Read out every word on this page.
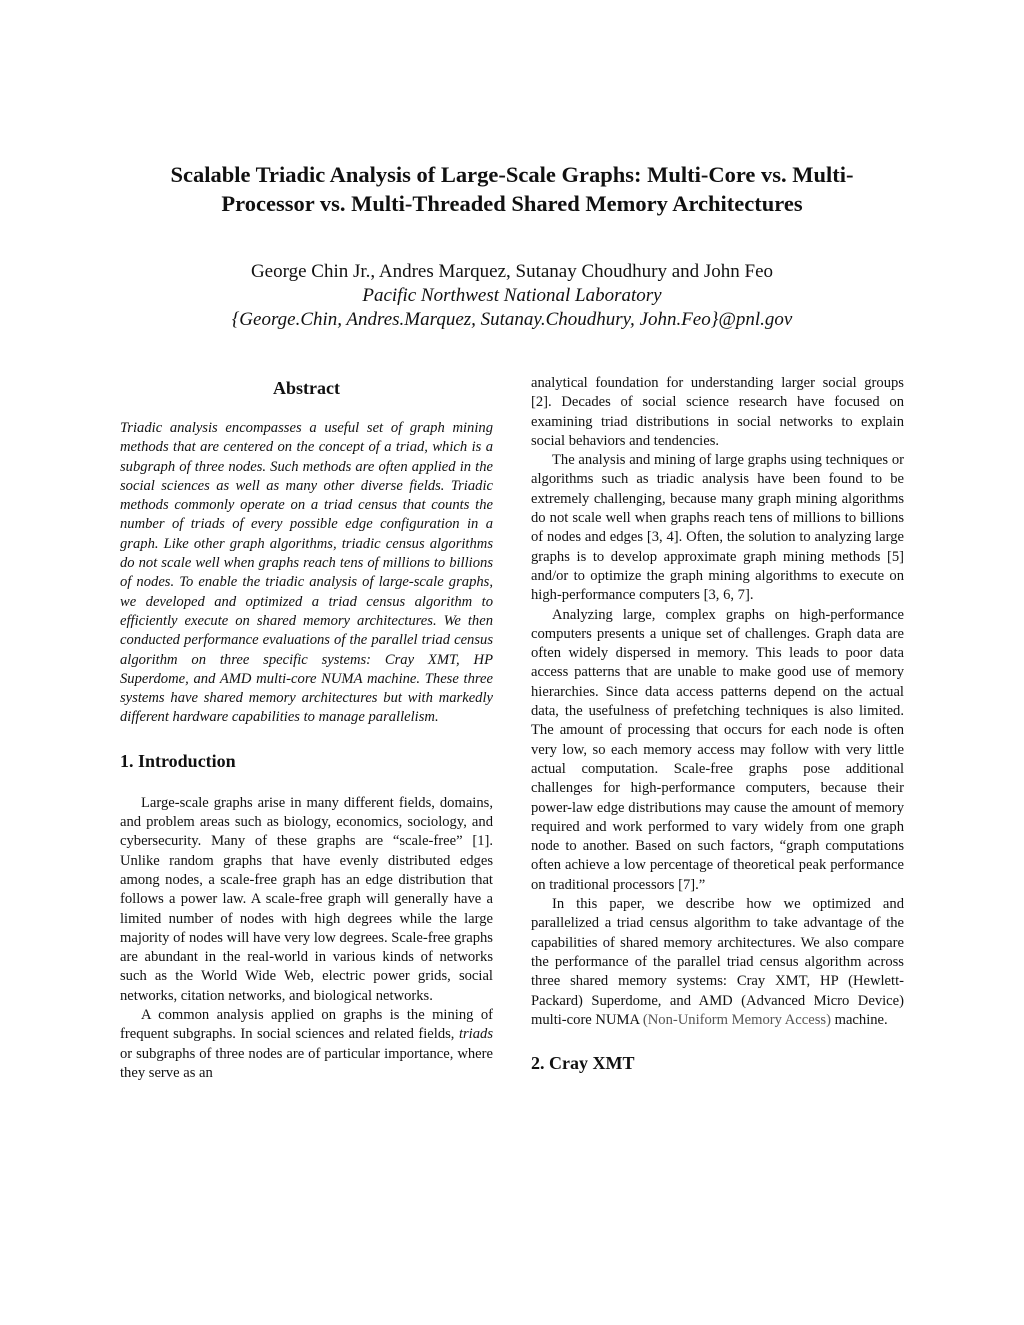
Scalable Triadic Analysis of Large-Scale Graphs: Multi-Core vs. Multi-
Processor vs. Multi-Threaded Shared Memory Architectures
George Chin Jr., Andres Marquez, Sutanay Choudhury and John Feo
Pacific Northwest National Laboratory
{George.Chin, Andres.Marquez, Sutanay.Choudhury, John.Feo}@pnl.gov
Abstract

Triadic analysis encompasses a useful set of graph mining methods that are centered on the concept of a triad, which is a subgraph of three nodes. Such methods are often applied in the social sciences as well as many other diverse fields. Triadic methods commonly operate on a triad census that counts the number of triads of every possible edge configuration in a graph. Like other graph algorithms, triadic census algorithms do not scale well when graphs reach tens of millions to billions of nodes. To enable the triadic analysis of large-scale graphs, we developed and optimized a triad census algorithm to efficiently execute on shared memory architectures. We then conducted performance evaluations of the parallel triad census algorithm on three specific systems: Cray XMT, HP Superdome, and AMD multi-core NUMA machine. These three systems have shared memory architectures but with markedly different hardware capabilities to manage parallelism.

1. Introduction

Large-scale graphs arise in many different fields, domains, and problem areas such as biology, economics, sociology, and cybersecurity. Many of these graphs are “scale-free” [1]. Unlike random graphs that have evenly distributed edges among nodes, a scale-free graph has an edge distribution that follows a power law. A scale-free graph will generally have a limited number of nodes with high degrees while the large majority of nodes will have very low degrees. Scale-free graphs are abundant in the real-world in various kinds of networks such as the World Wide Web, electric power grids, social networks, citation networks, and biological networks.

A common analysis applied on graphs is the mining of frequent subgraphs. In social sciences and related fields, triads or subgraphs of three nodes are of particular importance, where they serve as an

analytical foundation for understanding larger social groups [2]. Decades of social science research have focused on examining triad distributions in social networks to explain social behaviors and tendencies.

The analysis and mining of large graphs using techniques or algorithms such as triadic analysis have been found to be extremely challenging, because many graph mining algorithms do not scale well when graphs reach tens of millions to billions of nodes and edges [3, 4]. Often, the solution to analyzing large graphs is to develop approximate graph mining methods [5] and/or to optimize the graph mining algorithms to execute on high-performance computers [3, 6, 7].

Analyzing large, complex graphs on high-performance computers presents a unique set of challenges. Graph data are often widely dispersed in memory. This leads to poor data access patterns that are unable to make good use of memory hierarchies. Since data access patterns depend on the actual data, the usefulness of prefetching techniques is also limited. The amount of processing that occurs for each node is often very low, so each memory access may follow with very little actual computation. Scale-free graphs pose additional challenges for high-performance computers, because their power-law edge distributions may cause the amount of memory required and work performed to vary widely from one graph node to another. Based on such factors, “graph computations often achieve a low percentage of theoretical peak performance on traditional processors [7].”

In this paper, we describe how we optimized and parallelized a triad census algorithm to take advantage of the capabilities of shared memory architectures. We also compare the performance of the parallel triad census algorithm across three shared memory systems: Cray XMT, HP (Hewlett-Packard) Superdome, and AMD (Advanced Micro Device) multi-core NUMA (Non-Uniform Memory Access) machine.

2. Cray XMT
